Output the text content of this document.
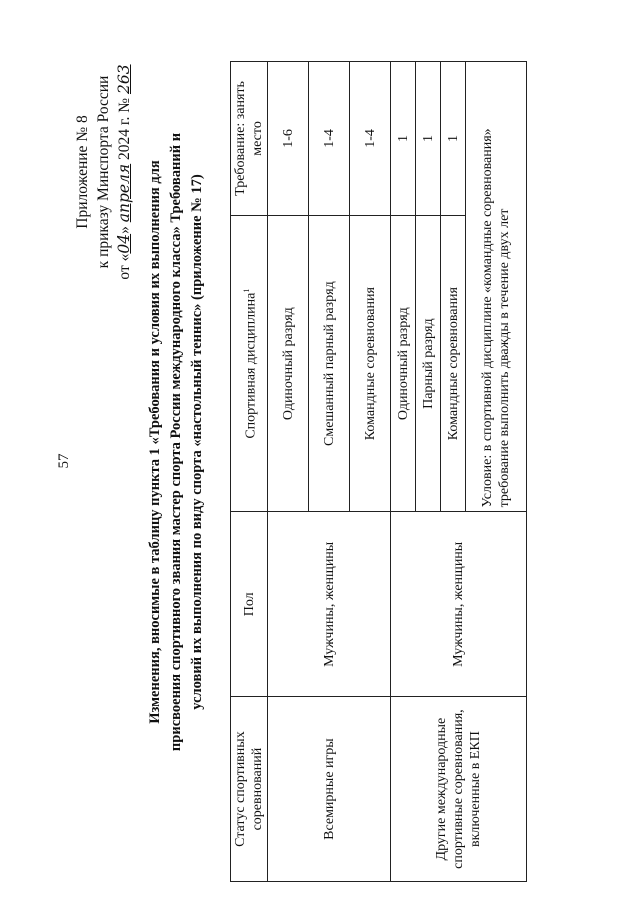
57
Приложение № 8 к приказу Минспорта России от «04» апреля 2024 г. № 263
Изменения, вносимые в таблицу пункта 1 «Требования и условия их выполнения для присвоения спортивного звания мастер спорта России международного класса» Требований и условий их выполнения по виду спорта «настольный теннис» (приложение № 17)
Статус спортивных соревнований	Пол	Спортивная дисциплина$^1$	Требование: занять место
Всемирные игры	Мужчины, женщины	Одиночный разряд	1-6
		Смешанный парный разряд	1-4
		Командные соревнования	1-4
Другие международные спортивные соревнования, включенные в ЕКП	Мужчины, женщины	Одиночный разряд	1
		Парный разряд	1
		Командные соревнования	1
		Условие: в спортивной дисциплине «командные соревнования» требование выполнить дважды в течение двух лет	
